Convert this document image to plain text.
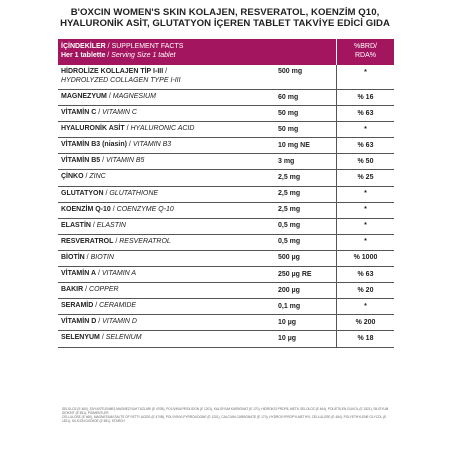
B'OXCIN WOMEN'S SKIN KOLAJEN, RESVERATOL, KOENZİM Q10,
HYALURONİK ASİT, GLUTATYON İÇEREN TABLET TAKVİYE EDİCİ GIDA
İÇİNDEKİLER / SUPPLEMENT FACTS
Her 1 tablette / Serving Size 1 tablet
%BRD/
RDA%
HİDROLİZE KOLLAJEN TİP I-III /
HYDROLYZED COLLAGEN TYPE I-III
500 mg	*
MAGNEZYUM / MAGNESIUM	60 mg	% 16
VİTAMİN C / VITAMIN C	50 mg	% 63
HYALURONİK ASİT / HYALURONIC ACID	50 mg	*
VİTAMİN B3 (niasin) / VITAMIN B3	10 mg NE	% 63
VİTAMİN B5 / VITAMIN B5	3 mg	% 50
ÇİNKO / ZINC	2,5 mg	% 25
GLUTATYON / GLUTATHIONE	2,5 mg	*
KOENZİM Q-10 / COENZYME Q-10	2,5 mg	*
ELASTİN / ELASTIN	0,5 mg	*
RESVERATROL / RESVERATROL	0,5 mg	*
BİOTİN / BIOTIN	500 µg	% 1000
VİTAMİN A / VITAMIN A	250 µg RE	% 63
BAKIR / COPPER	200 µg	% 20
SERAMİD / CERAMIDE	0,1 mg	*
VİTAMİN D / VITAMIN D	10 µg	% 200
SELENYUM / SELENIUM	10 µg	% 18
SELÜLOZ (E 460), SIVI ASİTLENMİŞ MAGNEZYUM TUZLARI (E 470B), POLİVİNİLPİROLİDON (E 1201), KALSİYUM KARBONAT (E 170), HİDROKSİ PROPİL METİL SELÜLOZ (E 464), POLİETİLEN GLİKOL (E 1521), SİLİSYUM DİOKSİT (E 551), PİGMENTLER
CELLULOSE (E 460), MAGNESIUM SALTS OF FATTY ACIDS (E 470B), POLYVINYLPYRROLIDONE (E 1201), CALCIUM CARBONATE (E 170), HYDROXYPROPYLMETHYL CELLULOSE (E 464), POLYETHYLENE GLYCOL (E 1521), SILICON DIOXIDE (E 551), STARCH
